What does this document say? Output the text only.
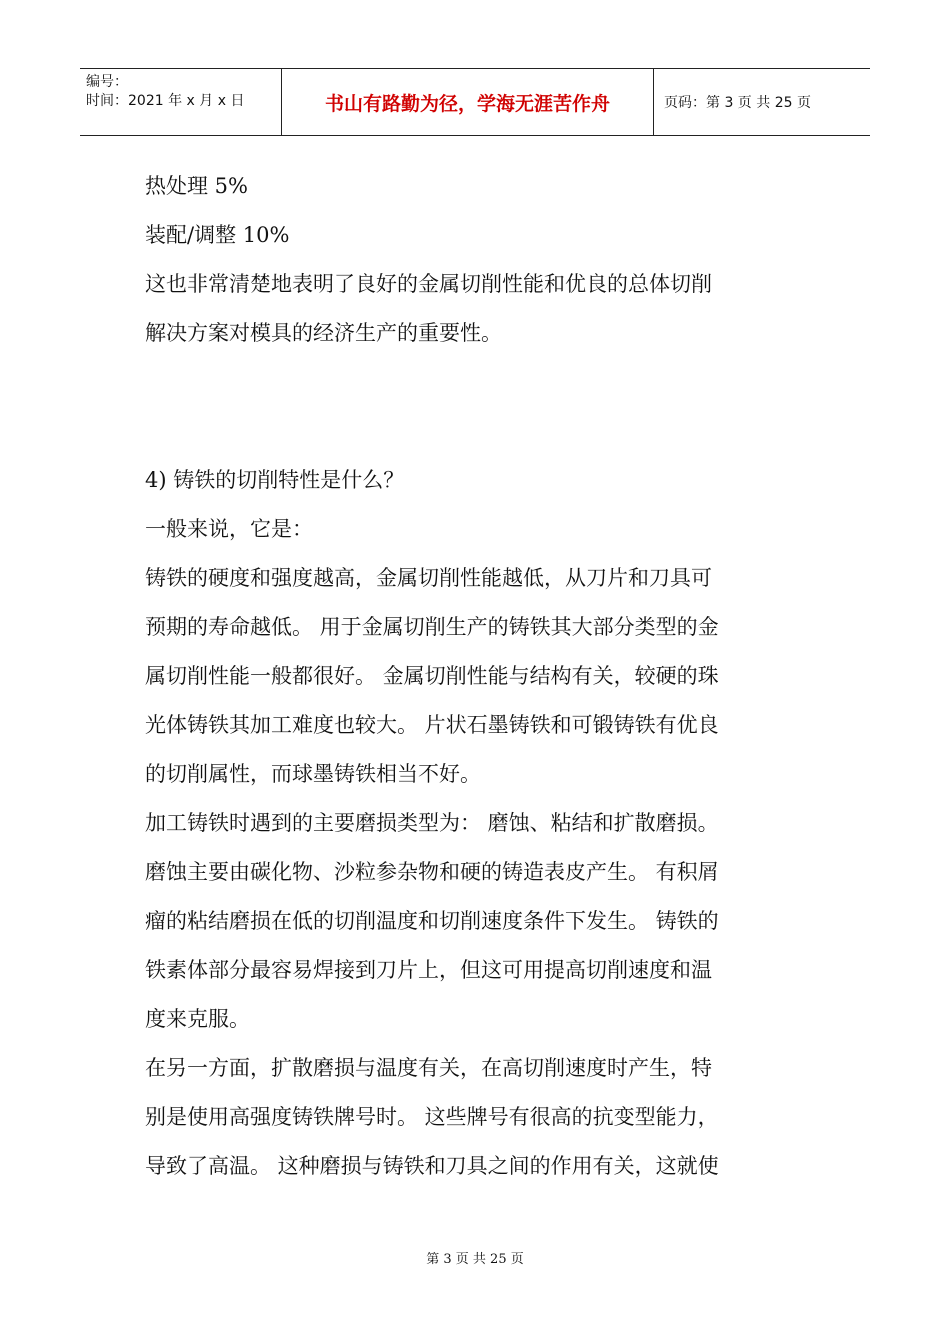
编号：
时间：2021 年 x 月 x 日	书山有路勤为径，学海无涯苦作舟	页码：第 3 页 共 25 页

热处理 5%

装配/调整 10%

这也非常清楚地表明了良好的金属切削性能和优良的总体切削

解决方案对模具的经济生产的重要性。

4) 铸铁的切削特性是什么？

一般来说，它是：

铸铁的硬度和强度越高，金属切削性能越低，从刀片和刀具可

预期的寿命越低。 用于金属切削生产的铸铁其大部分类型的金

属切削性能一般都很好。 金属切削性能与结构有关，较硬的珠

光体铸铁其加工难度也较大。 片状石墨铸铁和可锻铸铁有优良

的切削属性，而球墨铸铁相当不好。

加工铸铁时遇到的主要磨损类型为： 磨蚀、粘结和扩散磨损。

磨蚀主要由碳化物、沙粒参杂物和硬的铸造表皮产生。 有积屑

瘤的粘结磨损在低的切削温度和切削速度条件下发生。 铸铁的

铁素体部分最容易焊接到刀片上，但这可用提高切削速度和温

度来克服。

在另一方面，扩散磨损与温度有关，在高切削速度时产生，特

别是使用高强度铸铁牌号时。 这些牌号有很高的抗变型能力，

导致了高温。 这种磨损与铸铁和刀具之间的作用有关，这就使

第 3 页 共 25 页
